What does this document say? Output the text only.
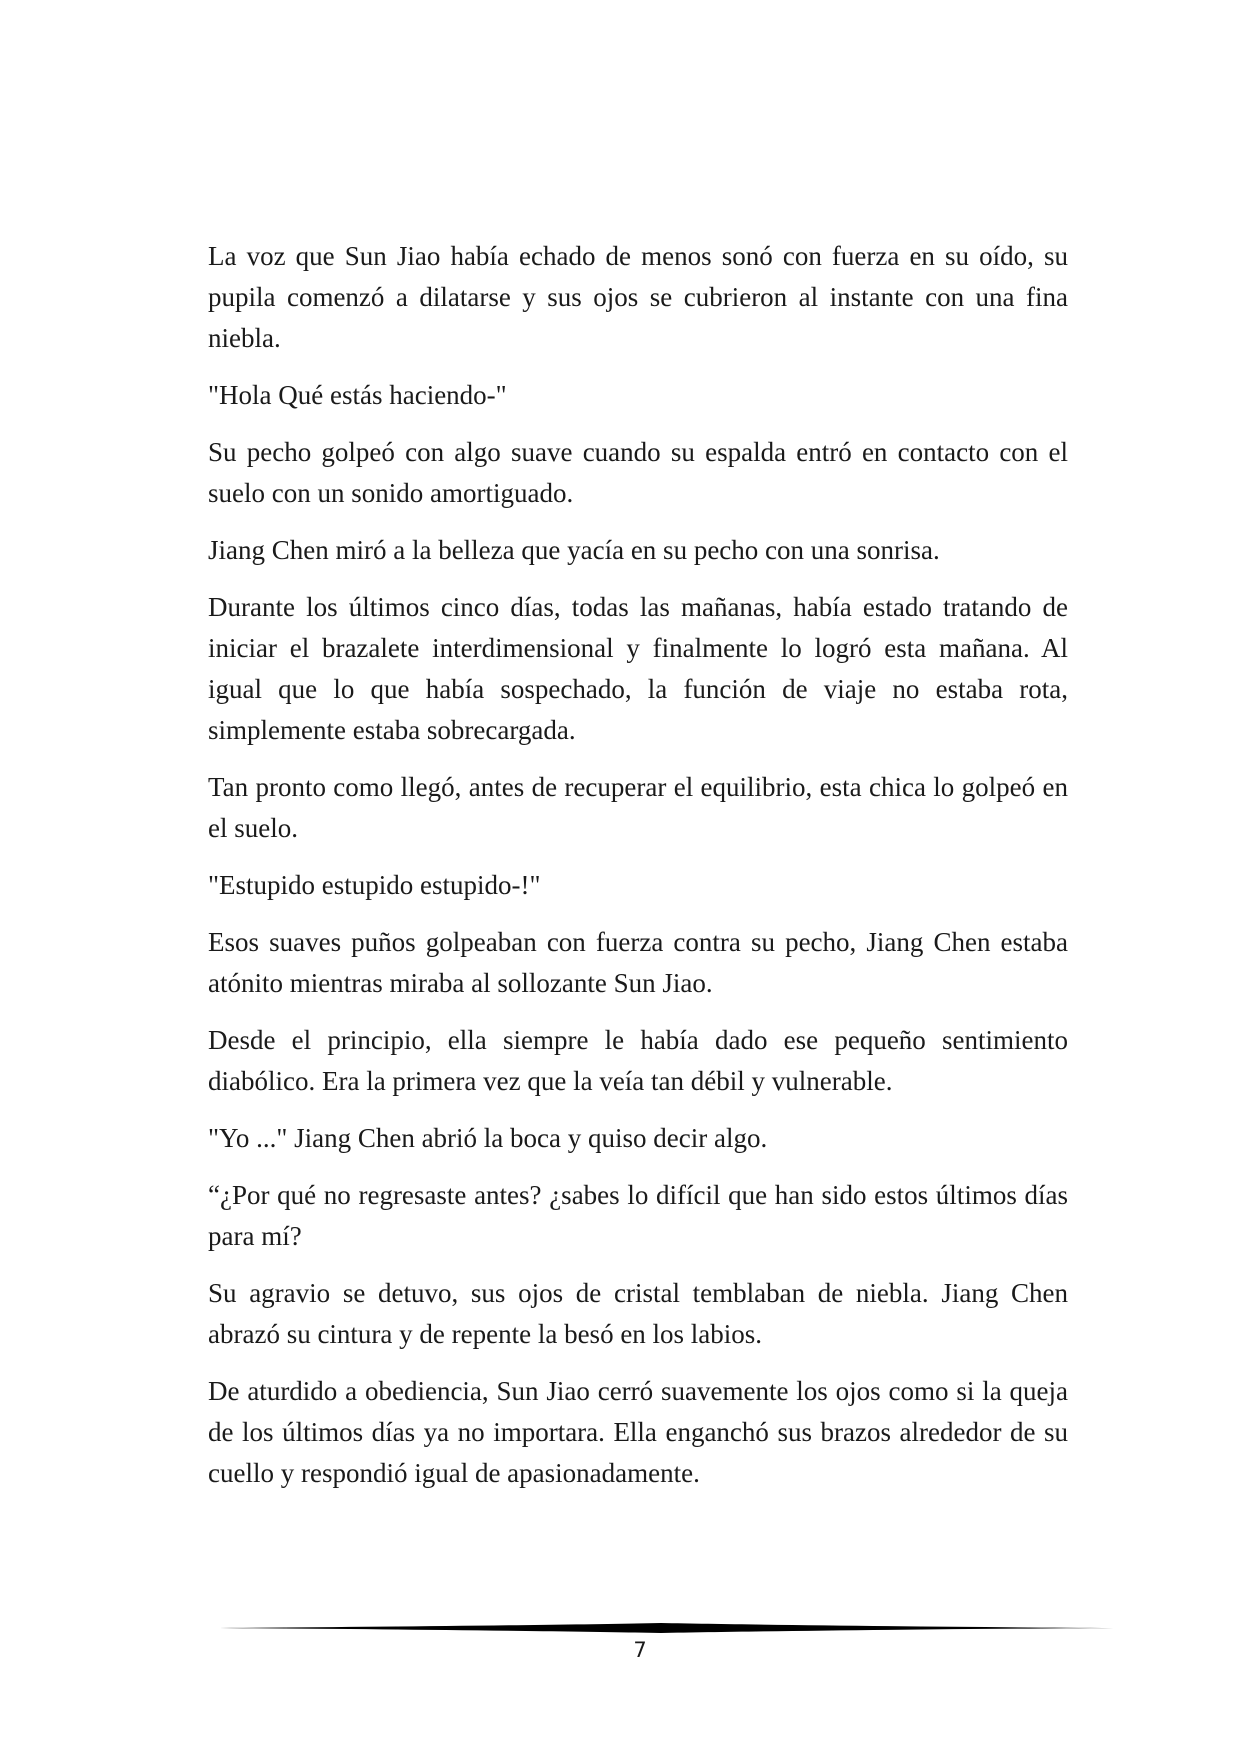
La voz que Sun Jiao había echado de menos sonó con fuerza en su oído, su pupila comenzó a dilatarse y sus ojos se cubrieron al instante con una fina niebla.

"Hola Qué estás haciendo-"

Su pecho golpeó con algo suave cuando su espalda entró en contacto con el suelo con un sonido amortiguado.

Jiang Chen miró a la belleza que yacía en su pecho con una sonrisa.

Durante los últimos cinco días, todas las mañanas, había estado tratando de iniciar el brazalete interdimensional y finalmente lo logró esta mañana. Al igual que lo que había sospechado, la función de viaje no estaba rota, simplemente estaba sobrecargada.

Tan pronto como llegó, antes de recuperar el equilibrio, esta chica lo golpeó en el suelo.

"Estupido estupido estupido-!"

Esos suaves puños golpeaban con fuerza contra su pecho, Jiang Chen estaba atónito mientras miraba al sollozante Sun Jiao.

Desde el principio, ella siempre le había dado ese pequeño sentimiento diabólico. Era la primera vez que la veía tan débil y vulnerable.

"Yo ..." Jiang Chen abrió la boca y quiso decir algo.

“¿Por qué no regresaste antes? ¿sabes lo difícil que han sido estos últimos días para mí?

Su agravio se detuvo, sus ojos de cristal temblaban de niebla. Jiang Chen abrazó su cintura y de repente la besó en los labios.

De aturdido a obediencia, Sun Jiao cerró suavemente los ojos como si la queja de los últimos días ya no importara. Ella enganchó sus brazos alrededor de su cuello y respondió igual de apasionadamente.

7
